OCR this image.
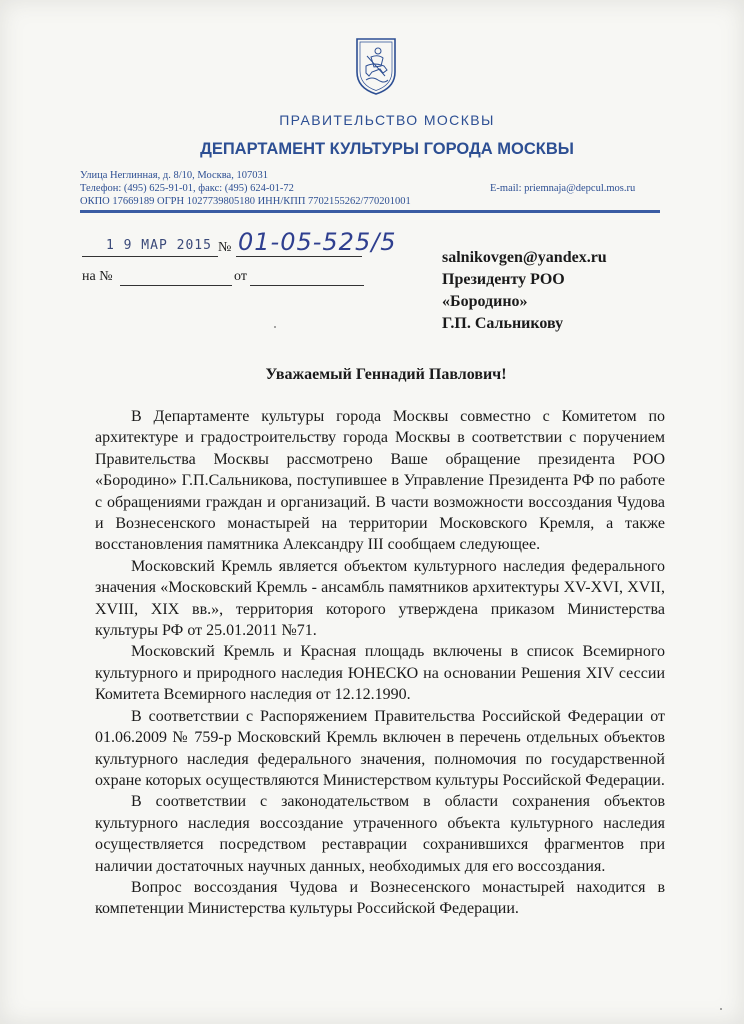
ПРАВИТЕЛЬСТВО МОСКВЫ
ДЕПАРТАМЕНТ КУЛЬТУРЫ ГОРОДА МОСКВЫ
Улица Неглинная, д. 8/10, Москва, 107031
Телефон: (495) 625-91-01, факс: (495) 624-01-72
ОКПО 17669189 ОГРН 1027739805180 ИНН/КПП 7702155262/770201001
E-mail: priemnaja@depcul.mos.ru
1 9 МАР 2015 № 01-05-525/5
на №	от
salnikovgen@yandex.ru
Президенту РОО
«Бородино»
Г.П. Сальникову
Уважаемый Геннадий Павлович!

В Департаменте культуры города Москвы совместно с Комитетом по архитектуре и градостроительству города Москвы в соответствии с поручением Правительства Москвы рассмотрено Ваше обращение президента РОО «Бородино» Г.П.Сальникова, поступившее в Управление Президента РФ по работе с обращениями граждан и организаций. В части возможности воссоздания Чудова и Вознесенского монастырей на территории Московского Кремля, а также восстановления памятника Александру III сообщаем следующее.

Московский Кремль является объектом культурного наследия федерального значения «Московский Кремль - ансамбль памятников архитектуры XV-XVI, XVII, XVIII, XIX вв.», территория которого утверждена приказом Министерства культуры РФ от 25.01.2011 №71.

Московский Кремль и Красная площадь включены в список Всемирного культурного и природного наследия ЮНЕСКО на основании Решения XIV сессии Комитета Всемирного наследия от 12.12.1990.

В соответствии с Распоряжением Правительства Российской Федерации от 01.06.2009 № 759-р Московский Кремль включен в перечень отдельных объектов культурного наследия федерального значения, полномочия по государственной охране которых осуществляются Министерством культуры Российской Федерации.

В соответствии с законодательством в области сохранения объектов культурного наследия воссоздание утраченного объекта культурного наследия осуществляется посредством реставрации сохранившихся фрагментов при наличии достаточных научных данных, необходимых для его воссоздания.

Вопрос воссоздания Чудова и Вознесенского монастырей находится в компетенции Министерства культуры Российской Федерации.
